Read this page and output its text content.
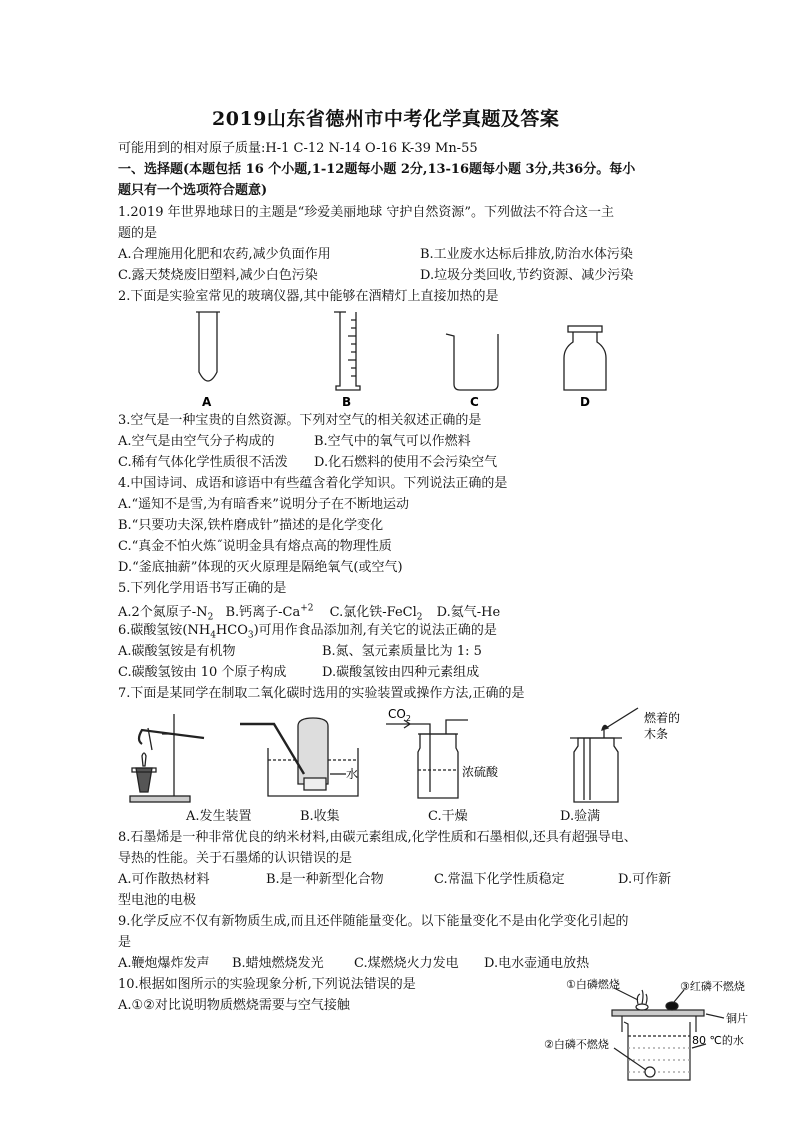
2019山东省德州市中考化学真题及答案
可能用到的相对原子质量:H-1 C-12 N-14 O-16 K-39 Mn-55
一、选择题(本题包括 16 个小题,1-12题每小题 2分,13-16题每小题 3分,共36分。每小
题只有一个选项符合题意)
1.2019 年世界地球日的主题是“珍爱美丽地球 守护自然资源”。下列做法不符合这一主
题的是
A.合理施用化肥和农药,减少负面作用	B.工业废水达标后排放,防治水体污染
C.露天焚烧废旧塑料,减少白色污染	D.垃圾分类回收,节约资源、减少污染
2.下面是实验室常见的玻璃仪器,其中能够在酒精灯上直接加热的是
A	B	C	D
3.空气是一种宝贵的自然资源。下列对空气的相关叙述正确的是
A.空气是由空气分子构成的	B.空气中的氧气可以作燃料
C.稀有气体化学性质很不活泼 D.化石燃料的使用不会污染空气
4.中国诗词、成语和谚语中有些蕴含着化学知识。下列说法正确的是
A.“遥知不是雪,为有暗香来”说明分子在不断地运动
B.“只要功夫深,铁杵磨成针”描述的是化学变化
C.“真金不怕火炼˝说明金具有熔点高的物理性质
D.“釜底抽薪”体现的灭火原理是隔绝氧气(或空气)
5.下列化学用语书写正确的是
A.2个氮原子$-N_2$ B.钙离子$-Ca^{+2}$ C.氯化铁-FeCl$_2$ D.氦气-He
6.碳酸氢铵$(NH_4HCO_3)$可用作食品添加剂,有关它的说法正确的是
A.碳酸氢铵是有机物	B.氮、氢元素质量比为 1: 5
C.碳酸氢铵由 10 个原子构成	D.碳酸氢铵由四种元素组成
7.下面是某同学在制取二氧化碳时选用的实验装置或操作方法,正确的是
水
$CO_2$
浓硫酸
燃着的
木条
A.发生装置	B.收集	C.干燥	D.验满
8.石墨烯是一种非常优良的纳米材料,由碳元素组成,化学性质和石墨相似,还具有超强导电、
导热的性能。关于石墨烯的认识错误的是
A.可作散热材料	B.是一种新型化合物	C.常温下化学性质稳定	D.可作新
型电池的电极
9.化学反应不仅有新物质生成,而且还伴随能量变化。以下能量变化不是由化学变化引起的
是
A.鞭炮爆炸发声 B.蜡烛燃烧发光 C.煤燃烧火力发电 D.电水壶通电放热
10.根据如图所示的实验现象分析,下列说法错误的是
A.①②对比说明物质燃烧需要与空气接触
①白磷燃烧	③红磷不燃烧
铜片
②白磷不燃烧	80 ℃的水
